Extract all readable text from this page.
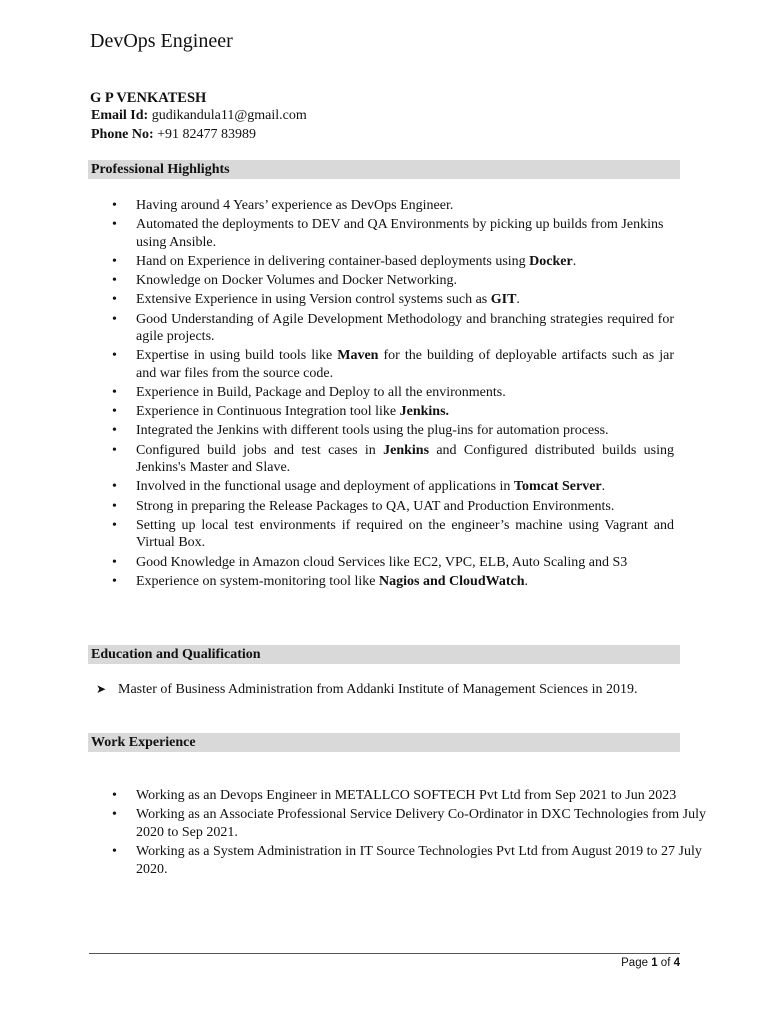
DevOps Engineer
G P VENKATESH
Email Id: gudikandula11@gmail.com
Phone No: +91 82477 83989
Professional Highlights
• Having around 4 Years’ experience as DevOps Engineer.
• Automated the deployments to DEV and QA Environments by picking up builds from Jenkins using Ansible.
• Hand on Experience in delivering container-based deployments using Docker.
• Knowledge on Docker Volumes and Docker Networking.
• Extensive Experience in using Version control systems such as GIT.
• Good Understanding of Agile Development Methodology and branching strategies required for agile projects.
• Expertise in using build tools like Maven for the building of deployable artifacts such as jar and war files from the source code.
• Experience in Build, Package and Deploy to all the environments.
• Experience in Continuous Integration tool like Jenkins.
• Integrated the Jenkins with different tools using the plug-ins for automation process.
• Configured build jobs and test cases in Jenkins and Configured distributed builds using Jenkins's Master and Slave.
• Involved in the functional usage and deployment of applications in Tomcat Server.
• Strong in preparing the Release Packages to QA, UAT and Production Environments.
• Setting up local test environments if required on the engineer’s machine using Vagrant and Virtual Box.
• Good Knowledge in Amazon cloud Services like EC2, VPC, ELB, Auto Scaling and S3
• Experience on system-monitoring tool like Nagios and CloudWatch.
Education and Qualification
➤ Master of Business Administration from Addanki Institute of Management Sciences in 2019.
Work Experience
• Working as an Devops Engineer in METALLCO SOFTECH Pvt Ltd from Sep 2021 to Jun 2023
• Working as an Associate Professional Service Delivery Co-Ordinator in DXC Technologies from July 2020 to Sep 2021.
• Working as a System Administration in IT Source Technologies Pvt Ltd from August 2019 to 27 July 2020.
Page 1 of 4
